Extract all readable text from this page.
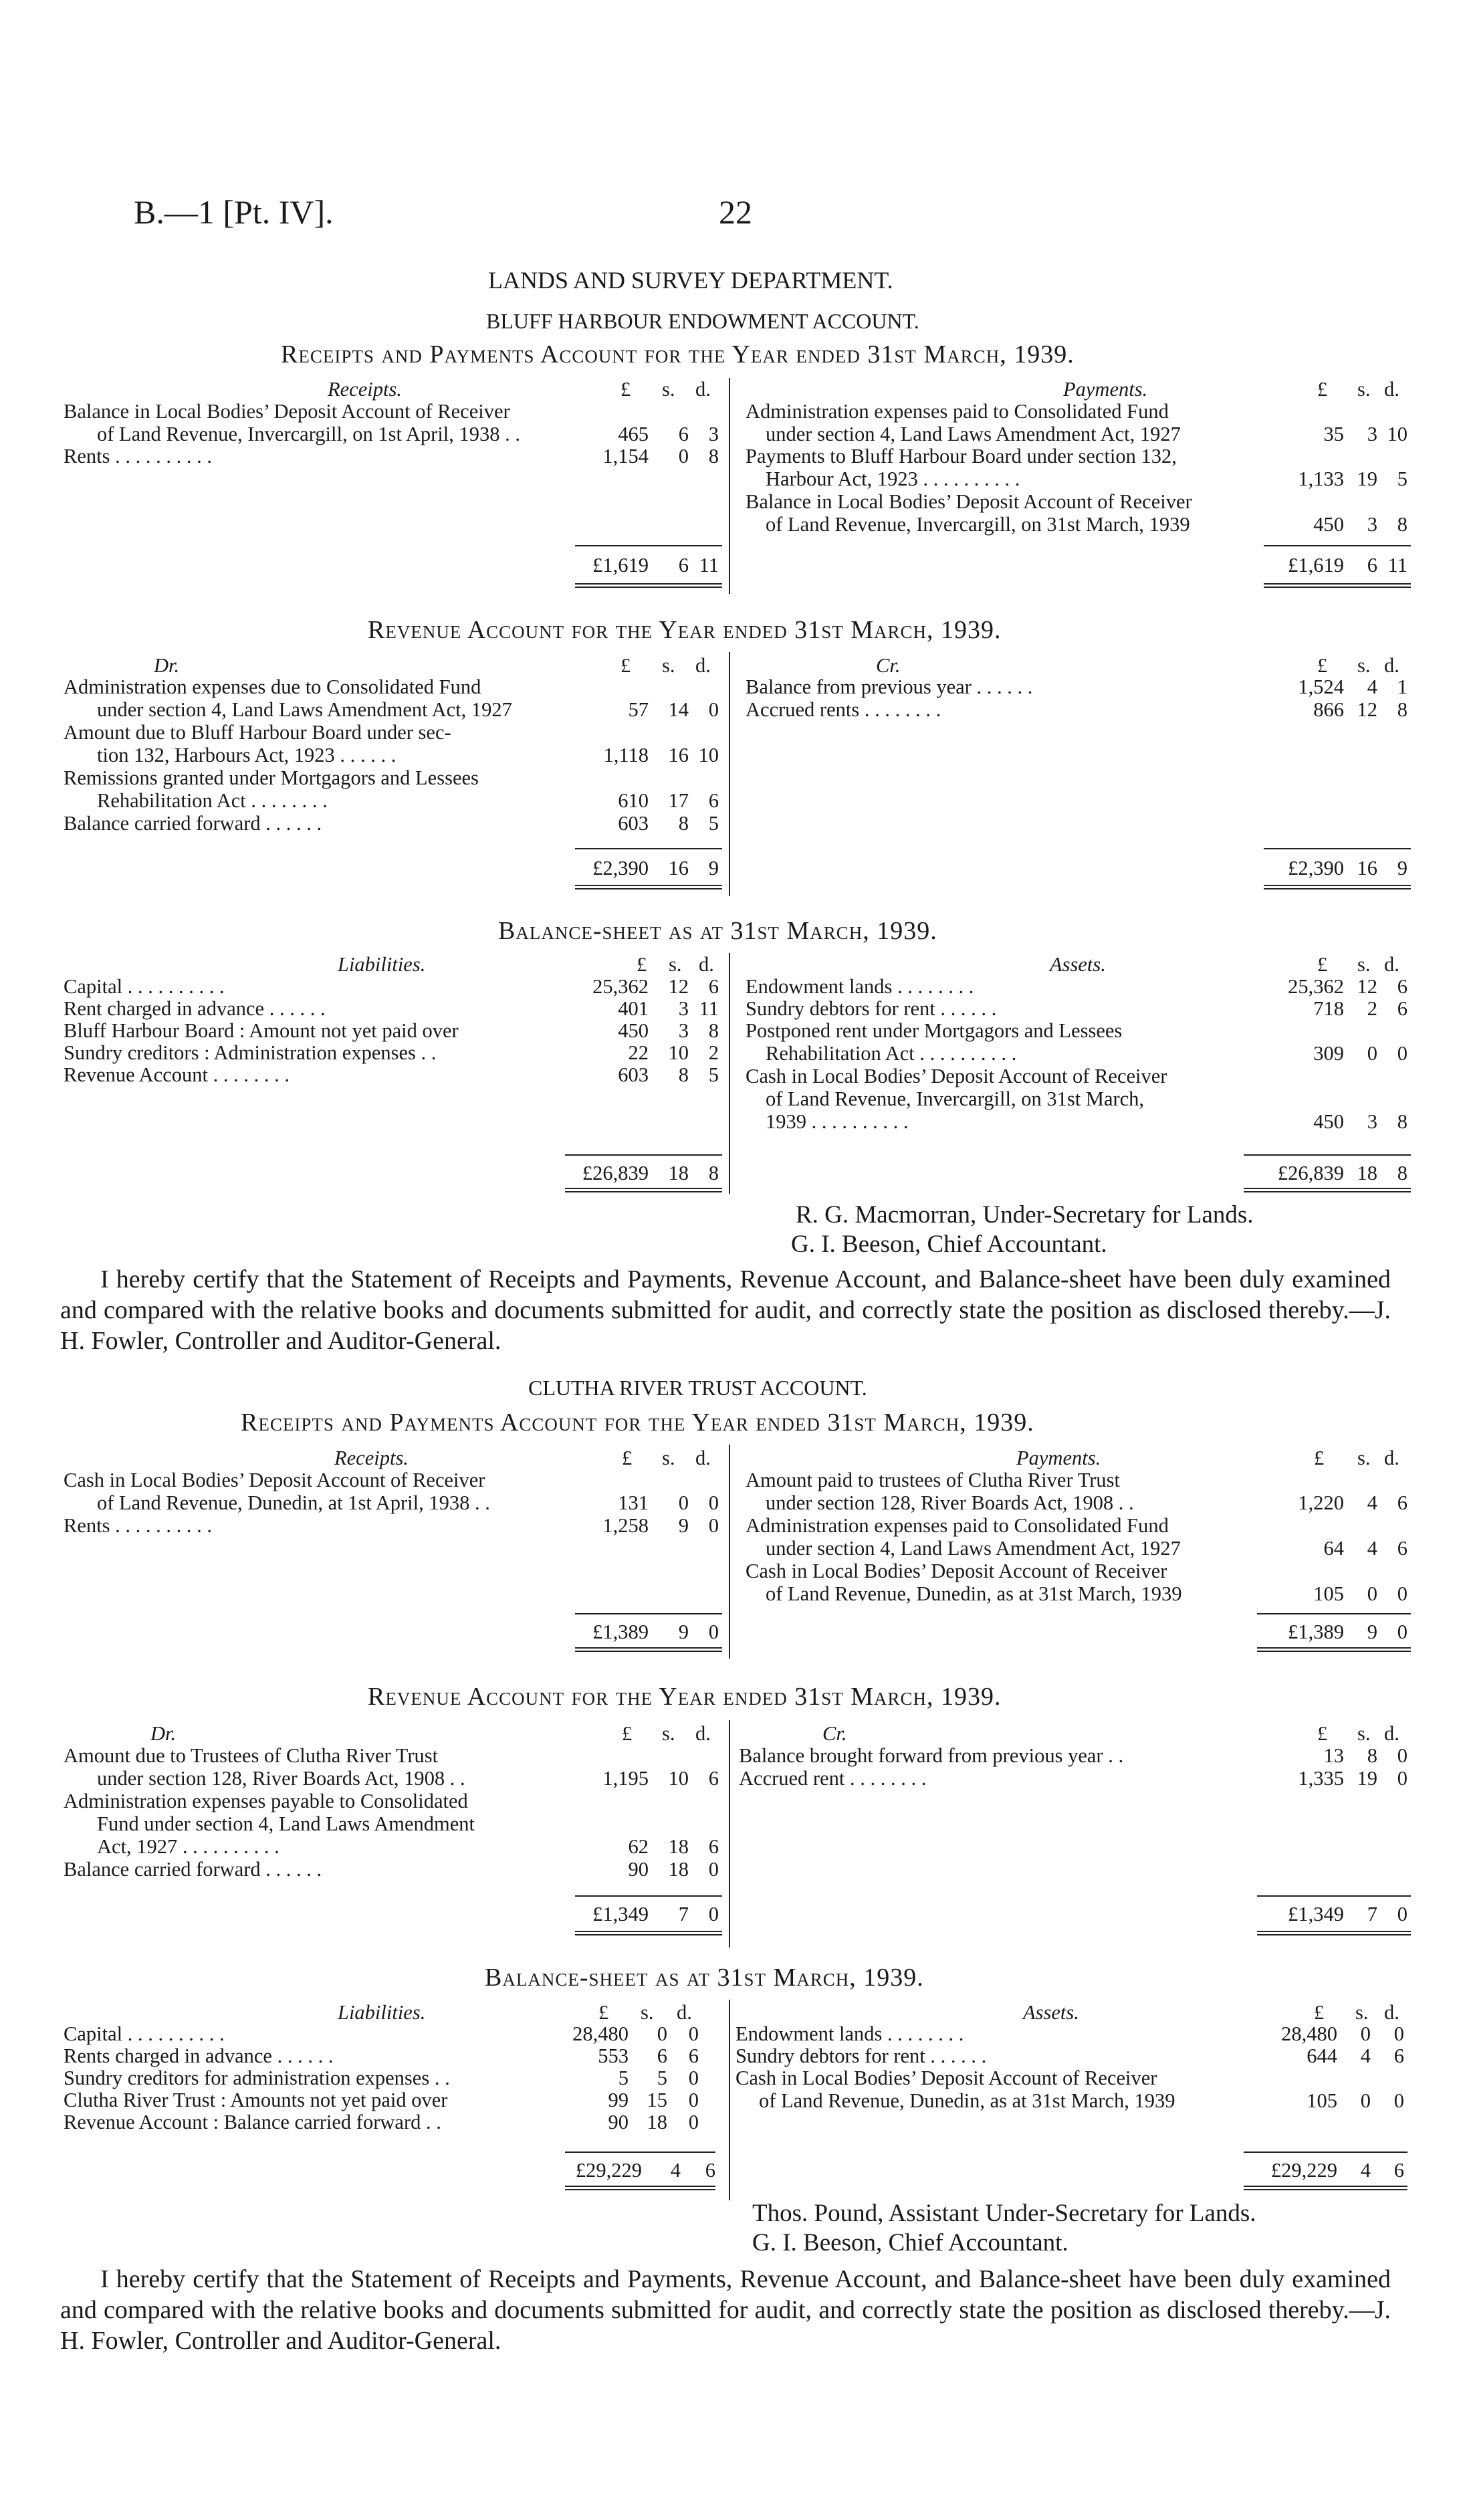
B.—1 [Pt. IV].	22
LANDS AND SURVEY DEPARTMENT.
BLUFF HARBOUR ENDOWMENT ACCOUNT.
Receipts and Payments Account for the Year ended 31st March, 1939.
Receipts.	£ s. d.
Balance in Local Bodies’ Deposit Account of Receiver
of Land Revenue, Invercargill, on 1st April, 1938 . .	465	6 3
Rents . . . . . . . . . .	1,154	0 8
£1,619	6 11
Payments.	£ s. d.
Administration expenses paid to Consolidated Fund
under section 4, Land Laws Amendment Act, 1927	35	3 10
Payments to Bluff Harbour Board under section 132,
Harbour Act, 1923 . . . . . . . . . .	1,133 19 5
Balance in Local Bodies’ Deposit Account of Receiver
of Land Revenue, Invercargill, on 31st March, 1939	450	3 8
£1,619	6 11
Revenue Account for the Year ended 31st March, 1939.
Dr.	£ s. d.
Administration expenses due to Consolidated Fund
under section 4, Land Laws Amendment Act, 1927	57 14 0
Amount due to Bluff Harbour Board under sec-
tion 132, Harbours Act, 1923 . . . . . .	1,118 16 10
Remissions granted under Mortgagors and Lessees
Rehabilitation Act . . . . . . . .	610 17 6
Balance carried forward . . . . . .	603	8 5
£2,390 16 9
Cr.	£ s. d.
Balance from previous year . . . . . .	1,524	4 1
Accrued rents . . . . . . . .	866 12 8
£2,390 16 9
Balance-sheet as at 31st March, 1939.
Liabilities.	£ s. d.
Capital . . . . . . . . . .	25,362 12 6
Rent charged in advance . . . . . .	401	3 11
Bluff Harbour Board : Amount not yet paid over	450	3 8
Sundry creditors : Administration expenses . .	22 10 2
Revenue Account . . . . . . . .	603	8 5
£26,839 18 8
Assets.	£ s. d.
Endowment lands . . . . . . . .	25,362 12 6
Sundry debtors for rent . . . . . .	718	2 6
Postponed rent under Mortgagors and Lessees
Rehabilitation Act . . . . . . . . . .	309	0 0
Cash in Local Bodies’ Deposit Account of Receiver
of Land Revenue, Invercargill, on 31st March,
1939 . . . . . . . . . .	450	3 8
£26,839 18 8
R. G. Macmorran, Under-Secretary for Lands.
G. I. Beeson, Chief Accountant.
I hereby certify that the Statement of Receipts and Payments, Revenue Account, and Balance-sheet have been duly examined and compared with the relative books and documents submitted for audit, and correctly state the position as disclosed thereby.—J. H. Fowler, Controller and Auditor-General.
CLUTHA RIVER TRUST ACCOUNT.
Receipts and Payments Account for the Year ended 31st March, 1939.
Receipts.	£ s. d.
Cash in Local Bodies’ Deposit Account of Receiver
of Land Revenue, Dunedin, at 1st April, 1938 . .	131	0 0
Rents . . . . . . . . . .	1,258	9 0
£1,389	9 0
Payments.	£ s. d.
Amount paid to trustees of Clutha River Trust
under section 128, River Boards Act, 1908 . .	1,220	4 6
Administration expenses paid to Consolidated Fund
under section 4, Land Laws Amendment Act, 1927	64	4 6
Cash in Local Bodies’ Deposit Account of Receiver
of Land Revenue, Dunedin, as at 31st March, 1939	105	0 0
£1,389	9 0
Revenue Account for the Year ended 31st March, 1939.
Dr.	£ s. d.
Amount due to Trustees of Clutha River Trust
under section 128, River Boards Act, 1908 . .	1,195 10 6
Administration expenses payable to Consolidated
Fund under section 4, Land Laws Amendment
Act, 1927 . . . . . . . . . .	62 18 6
Balance carried forward . . . . . .	90 18 0
£1,349	7 0
Cr.	£ s. d.
Balance brought forward from previous year . .	13	8 0
Accrued rent . . . . . . . .	1,335 19 0
£1,349	7 0
Balance-sheet as at 31st March, 1939.
Liabilities.	£ s. d.
Capital . . . . . . . . . .	28,480	0	0
Rents charged in advance . . . . . .	553	6	6
Sundry creditors for administration expenses . .	5	5	0
Clutha River Trust : Amounts not yet paid over	99 15	0
Revenue Account : Balance carried forward . .	90 18	0
£29,229	4	6
Assets.	£ s. d.
Endowment lands . . . . . . . .	28,480	0	0
Sundry debtors for rent . . . . . .	644	4	6
Cash in Local Bodies’ Deposit Account of Receiver
of Land Revenue, Dunedin, as at 31st March, 1939	105	0	0
£29,229	4	6
Thos. Pound, Assistant Under-Secretary for Lands.
G. I. Beeson, Chief Accountant.
I hereby certify that the Statement of Receipts and Payments, Revenue Account, and Balance-sheet have been duly examined and compared with the relative books and documents submitted for audit, and correctly state the position as disclosed thereby.—J. H. Fowler, Controller and Auditor-General.
